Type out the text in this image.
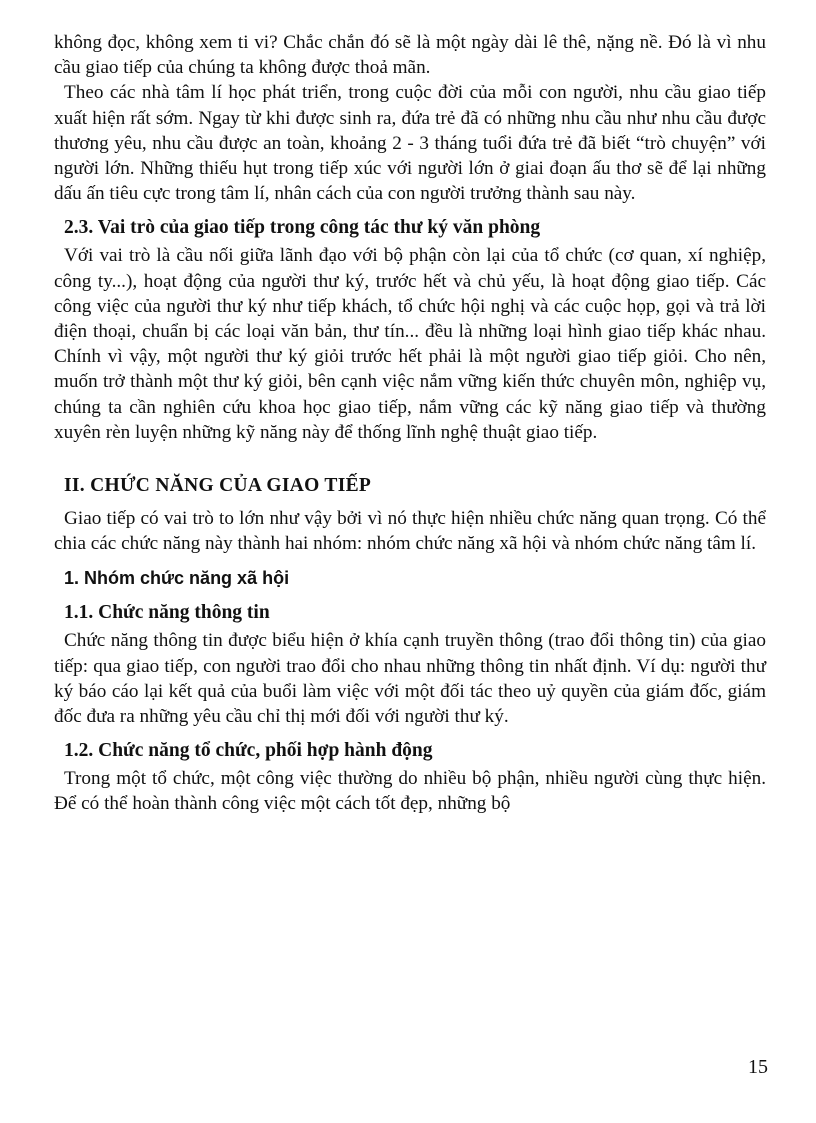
không đọc, không xem ti vi? Chắc chắn đó sẽ là một ngày dài lê thê, nặng nề. Đó là vì nhu cầu giao tiếp của chúng ta không được thoả mãn.

Theo các nhà tâm lí học phát triển, trong cuộc đời của mỗi con người, nhu cầu giao tiếp xuất hiện rất sớm. Ngay từ khi được sinh ra, đứa trẻ đã có những nhu cầu như nhu cầu được thương yêu, nhu cầu được an toàn, khoảng 2 - 3 tháng tuổi đứa trẻ đã biết “trò chuyện” với người lớn. Những thiếu hụt trong tiếp xúc với người lớn ở giai đoạn ấu thơ sẽ để lại những dấu ấn tiêu cực trong tâm lí, nhân cách của con người trưởng thành sau này.

2.3. Vai trò của giao tiếp trong công tác thư ký văn phòng

Với vai trò là cầu nối giữa lãnh đạo với bộ phận còn lại của tổ chức (cơ quan, xí nghiệp, công ty...), hoạt động của người thư ký, trước hết và chủ yếu, là hoạt động giao tiếp. Các công việc của người thư ký như tiếp khách, tổ chức hội nghị và các cuộc họp, gọi và trả lời điện thoại, chuẩn bị các loại văn bản, thư tín... đều là những loại hình giao tiếp khác nhau. Chính vì vậy, một người thư ký giỏi trước hết phải là một người giao tiếp giỏi. Cho nên, muốn trở thành một thư ký giỏi, bên cạnh việc nắm vững kiến thức chuyên môn, nghiệp vụ, chúng ta cần nghiên cứu khoa học giao tiếp, nắm vững các kỹ năng giao tiếp và thường xuyên rèn luyện những kỹ năng này để thống lĩnh nghệ thuật giao tiếp.

II. CHỨC NĂNG CỦA GIAO TIẾP

Giao tiếp có vai trò to lớn như vậy bởi vì nó thực hiện nhiều chức năng quan trọng. Có thể chia các chức năng này thành hai nhóm: nhóm chức năng xã hội và nhóm chức năng tâm lí.

1. Nhóm chức năng xã hội
1.1. Chức năng thông tin

Chức năng thông tin được biểu hiện ở khía cạnh truyền thông (trao đổi thông tin) của giao tiếp: qua giao tiếp, con người trao đổi cho nhau những thông tin nhất định. Ví dụ: người thư ký báo cáo lại kết quả của buổi làm việc với một đối tác theo uỷ quyền của giám đốc, giám đốc đưa ra những yêu cầu chỉ thị mới đối với người thư ký.

1.2. Chức năng tổ chức, phối hợp hành động

Trong một tổ chức, một công việc thường do nhiều bộ phận, nhiều người cùng thực hiện. Để có thể hoàn thành công việc một cách tốt đẹp, những bộ

15
